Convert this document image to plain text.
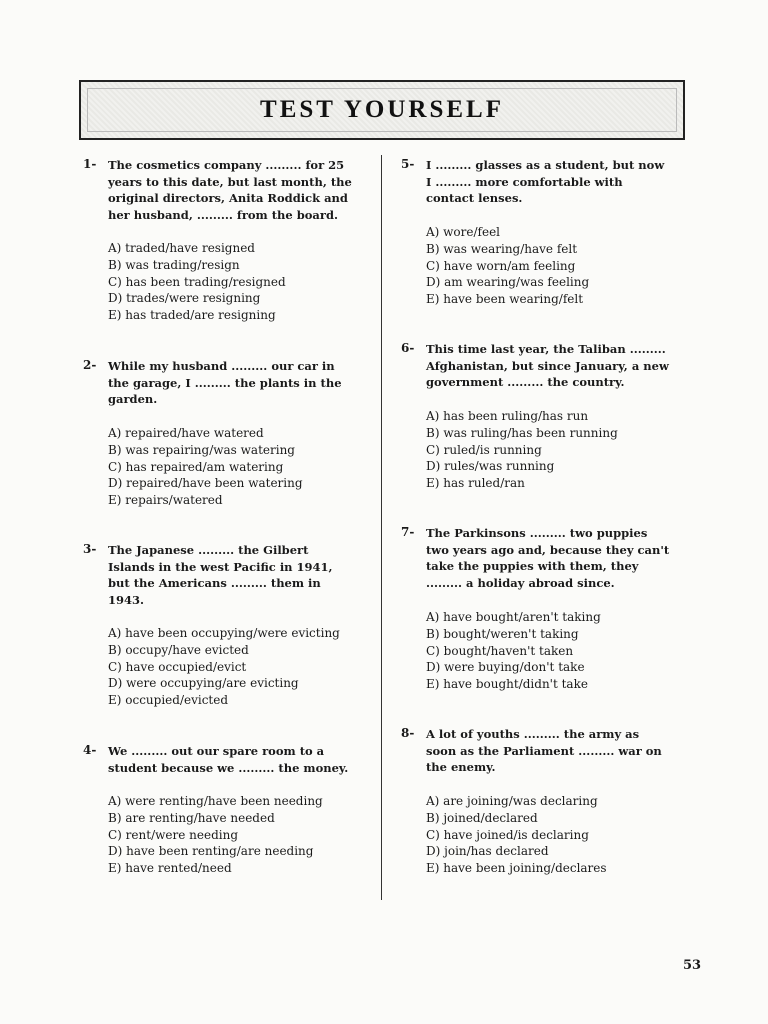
TEST YOURSELF
1- The cosmetics company ......... for 25
years to this date, but last month, the
original directors, Anita Roddick and
her husband, ......... from the board.
A) traded/have resigned
B) was trading/resign
C) has been trading/resigned
D) trades/were resigning
E) has traded/are resigning
2- While my husband ......... our car in
the garage, I ......... the plants in the
garden.
A) repaired/have watered
B) was repairing/was watering
C) has repaired/am watering
D) repaired/have been watering
E) repairs/watered
3- The Japanese ......... the Gilbert
Islands in the west Pacific in 1941,
but the Americans ......... them in
1943.
A) have been occupying/were evicting
B) occupy/have evicted
C) have occupied/evict
D) were occupying/are evicting
E) occupied/evicted
4- We ......... out our spare room to a
student because we ......... the money.
A) were renting/have been needing
B) are renting/have needed
C) rent/were needing
D) have been renting/are needing
E) have rented/need
5- I ......... glasses as a student, but now
I ......... more comfortable with
contact lenses.
A) wore/feel
B) was wearing/have felt
C) have worn/am feeling
D) am wearing/was feeling
E) have been wearing/felt
6- This time last year, the Taliban .........
Afghanistan, but since January, a new
government ......... the country.
A) has been ruling/has run
B) was ruling/has been running
C) ruled/is running
D) rules/was running
E) has ruled/ran
7- The Parkinsons ......... two puppies
two years ago and, because they can't
take the puppies with them, they
......... a holiday abroad since.
A) have bought/aren't taking
B) bought/weren't taking
C) bought/haven't taken
D) were buying/don't take
E) have bought/didn't take
8- A lot of youths ......... the army as
soon as the Parliament ......... war on
the enemy.
A) are joining/was declaring
B) joined/declared
C) have joined/is declaring
D) join/has declared
E) have been joining/declares
53
